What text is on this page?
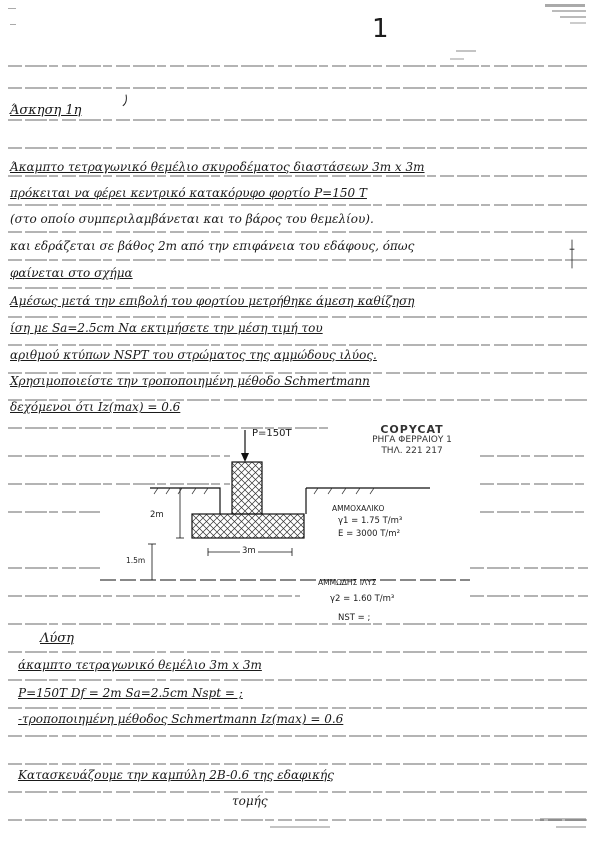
1
Άσκηση 1η
Άκαμπτο τετραγωνικό θεμέλιο σκυροδέματος διαστάσεων 3m x 3m
πρόκειται να φέρει κεντρικό κατακόρυφο φορτίο P=150 T
(στο οποίο συμπεριλαμβάνεται και το βάρος του θεμελίου).
και εδράζεται σε βάθος 2m από την επιφάνεια του εδάφους, όπως
φαίνεται στο σχήμα
Αμέσως μετά την επιβολή του φορτίου μετρήθηκε άμεση καθίζηση
ίση με Sa=2.5cm Να εκτιμήσετε την μέση τιμή του
αριθμού κτύπων NSPT του στρώματος της αμμώδους ιλύος.
Χρησιμοποιείστε την τροποποιημένη μέθοδο Schmertmann
δεχόμενοι ότι Iz(max) = 0.6
P=150T
2m
3m
1.5m
ΑΜΜΟΧΑΛΙΚΟ
γ1 = 1.75 T/m³
E = 3000 T/m²
ΑΜΜΩΔΗΣ ΙΛΥΣ
γ2 = 1.60 T/m³
NST = ;
COPYCAT
ΡΗΓΑ ΦΕΡΡΑΙΟΥ 1
ΤΗΛ. 221 217
Λύση
άκαμπτο τετραγωνικό θεμέλιο 3m x 3m
P=150T Df = 2m Sa=2.5cm Nspt = ;
-τροποποιημένη μέθοδος Schmertmann Iz(max) = 0.6
Κατασκευάζουμε την καμπύλη 2B-0.6 της εδαφικής
τομής
